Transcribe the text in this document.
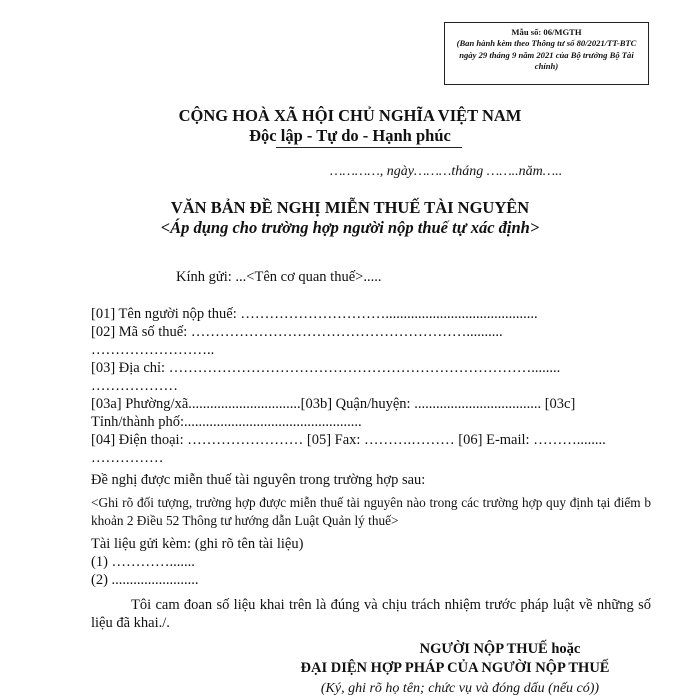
Mẫu số: 06/MGTH
(Ban hành kèm theo Thông tư số 80/2021/TT-BTC ngày 29 tháng 9 năm 2021 của Bộ trưởng Bộ Tài chính)
CỘNG HOÀ XÃ HỘI CHỦ NGHĨA VIỆT NAM
Độc lập - Tự do - Hạnh phúc
…………, ngày………tháng ……..năm…..
VĂN BẢN ĐỀ NGHỊ MIỄN THUẾ TÀI NGUYÊN
<Áp dụng cho trường hợp người nộp thuế tự xác định>
Kính gửi: ...<Tên cơ quan thuế>.....
[01] Tên người nộp thuế: …………………………..........................................
[02] Mã số thuế: …………………………………………………..........
……………………..
[03] Địa chỉ: …………………………………………………………………........
………………
[03a] Phường/xã...............................[03b] Quận/huyện: ................................... [03c]
Tỉnh/thành phố:.................................................
[04] Điện thoại: …………………… [05] Fax: ……….……… [06] E-mail: ………........
……………
Đề nghị được miễn thuế tài nguyên trong trường hợp sau:
<Ghi rõ đối tượng, trường hợp được miễn thuế tài nguyên nào trong các trường hợp quy định tại điểm b khoản 2 Điều 52 Thông tư hướng dẫn Luật Quản lý thuế>
Tài liệu gửi kèm: (ghi rõ tên tài liệu)
(1) ………….......
(2) ........................
Tôi cam đoan số liệu khai trên là đúng và chịu trách nhiệm trước pháp luật về những số liệu đã khai./.
NGƯỜI NỘP THUẾ hoặc
ĐẠI DIỆN HỢP PHÁP CỦA NGƯỜI NỘP THUẾ
(Ký, ghi rõ họ tên; chức vụ và đóng dấu (nếu có))
